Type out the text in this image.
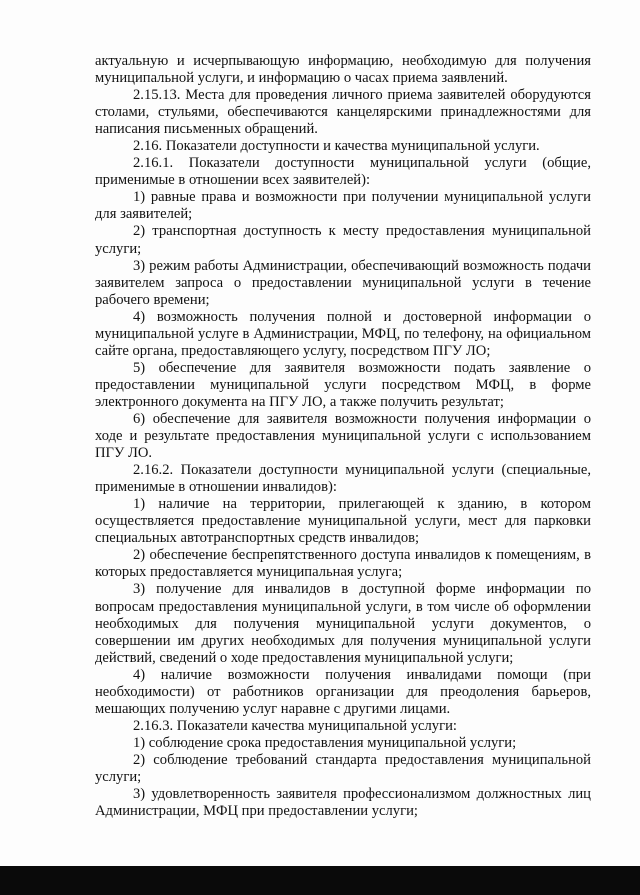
актуальную и исчерпывающую информацию, необходимую для получения муниципальной услуги, и информацию о часах приема заявлений.

2.15.13. Места для проведения личного приема заявителей оборудуются столами, стульями, обеспечиваются канцелярскими принадлежностями для написания письменных обращений.

2.16. Показатели доступности и качества муниципальной услуги.

2.16.1. Показатели доступности муниципальной услуги (общие, применимые в отношении всех заявителей):

1) равные права и возможности при получении муниципальной услуги для заявителей;

2) транспортная доступность к месту предоставления муниципальной услуги;

3) режим работы Администрации, обеспечивающий возможность подачи заявителем запроса о предоставлении муниципальной услуги в течение рабочего времени;

4) возможность получения полной и достоверной информации о муниципальной услуге в Администрации, МФЦ, по телефону, на официальном сайте органа, предоставляющего услугу, посредством ПГУ ЛО;

5) обеспечение для заявителя возможности подать заявление о предоставлении муниципальной услуги посредством МФЦ, в форме электронного документа на ПГУ ЛО, а также получить результат;

6) обеспечение для заявителя возможности получения информации о ходе и результате предоставления муниципальной услуги с использованием ПГУ ЛО.

2.16.2. Показатели доступности муниципальной услуги (специальные, применимые в отношении инвалидов):

1) наличие на территории, прилегающей к зданию, в котором осуществляется предоставление муниципальной услуги, мест для парковки специальных автотранспортных средств инвалидов;

2) обеспечение беспрепятственного доступа инвалидов к помещениям, в которых предоставляется муниципальная услуга;

3) получение для инвалидов в доступной форме информации по вопросам предоставления муниципальной услуги, в том числе об оформлении необходимых для получения муниципальной услуги документов, о совершении им других необходимых для получения муниципальной услуги действий, сведений о ходе предоставления муниципальной услуги;

4) наличие возможности получения инвалидами помощи (при необходимости) от работников организации для преодоления барьеров, мешающих получению услуг наравне с другими лицами.

2.16.3. Показатели качества муниципальной услуги:

1) соблюдение срока предоставления муниципальной услуги;

2) соблюдение требований стандарта предоставления муниципальной услуги;

3) удовлетворенность заявителя профессионализмом должностных лиц Администрации, МФЦ при предоставлении услуги;
